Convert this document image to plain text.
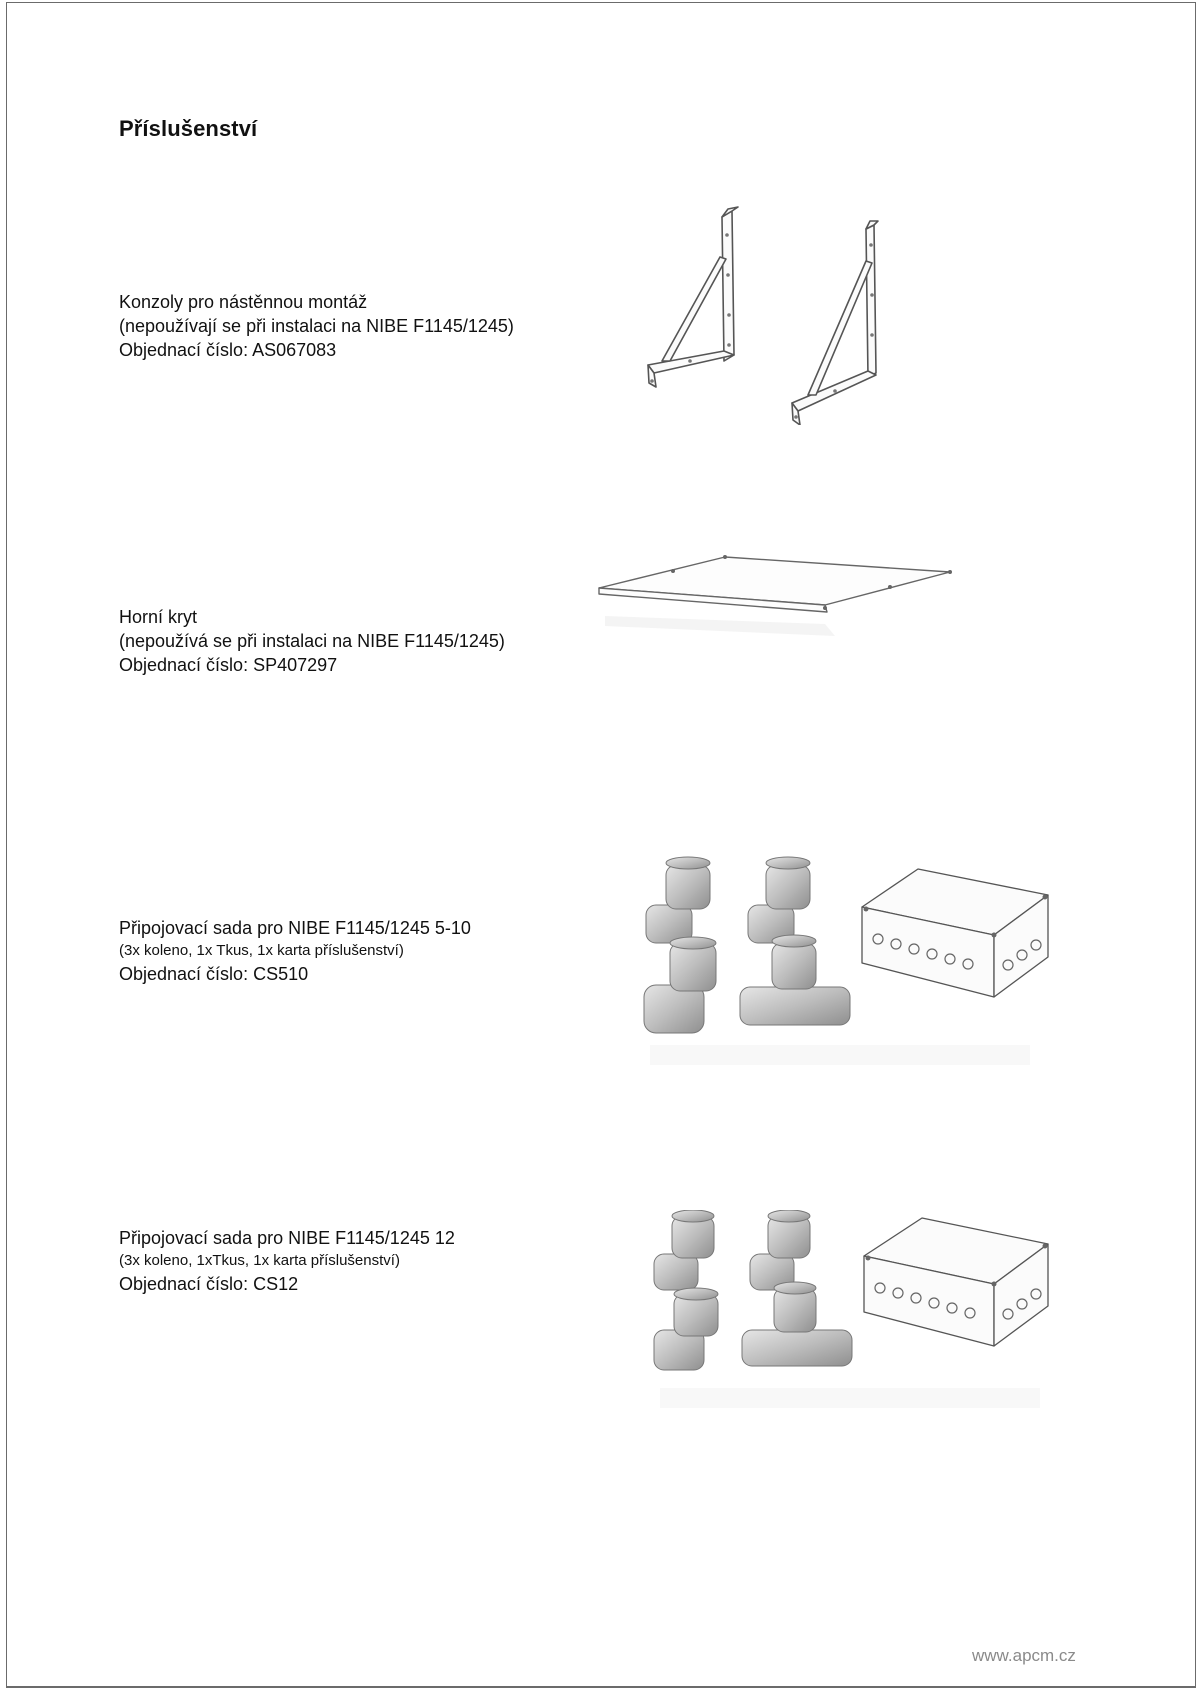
Příslušenství
Konzoly pro nástěnnou montáž
(nepoužívají se při instalaci na NIBE F1145/1245)
Objednací číslo: AS067083
Horní kryt
(nepoužívá se při instalaci na NIBE F1145/1245)
Objednací číslo: SP407297
Připojovací sada pro NIBE F1145/1245 5-10
(3x koleno, 1x Tkus, 1x karta příslušenství)
Objednací číslo: CS510
Připojovací sada pro NIBE F1145/1245 12
(3x koleno, 1xTkus, 1x karta příslušenství)
Objednací číslo: CS12
www.apcm.cz
